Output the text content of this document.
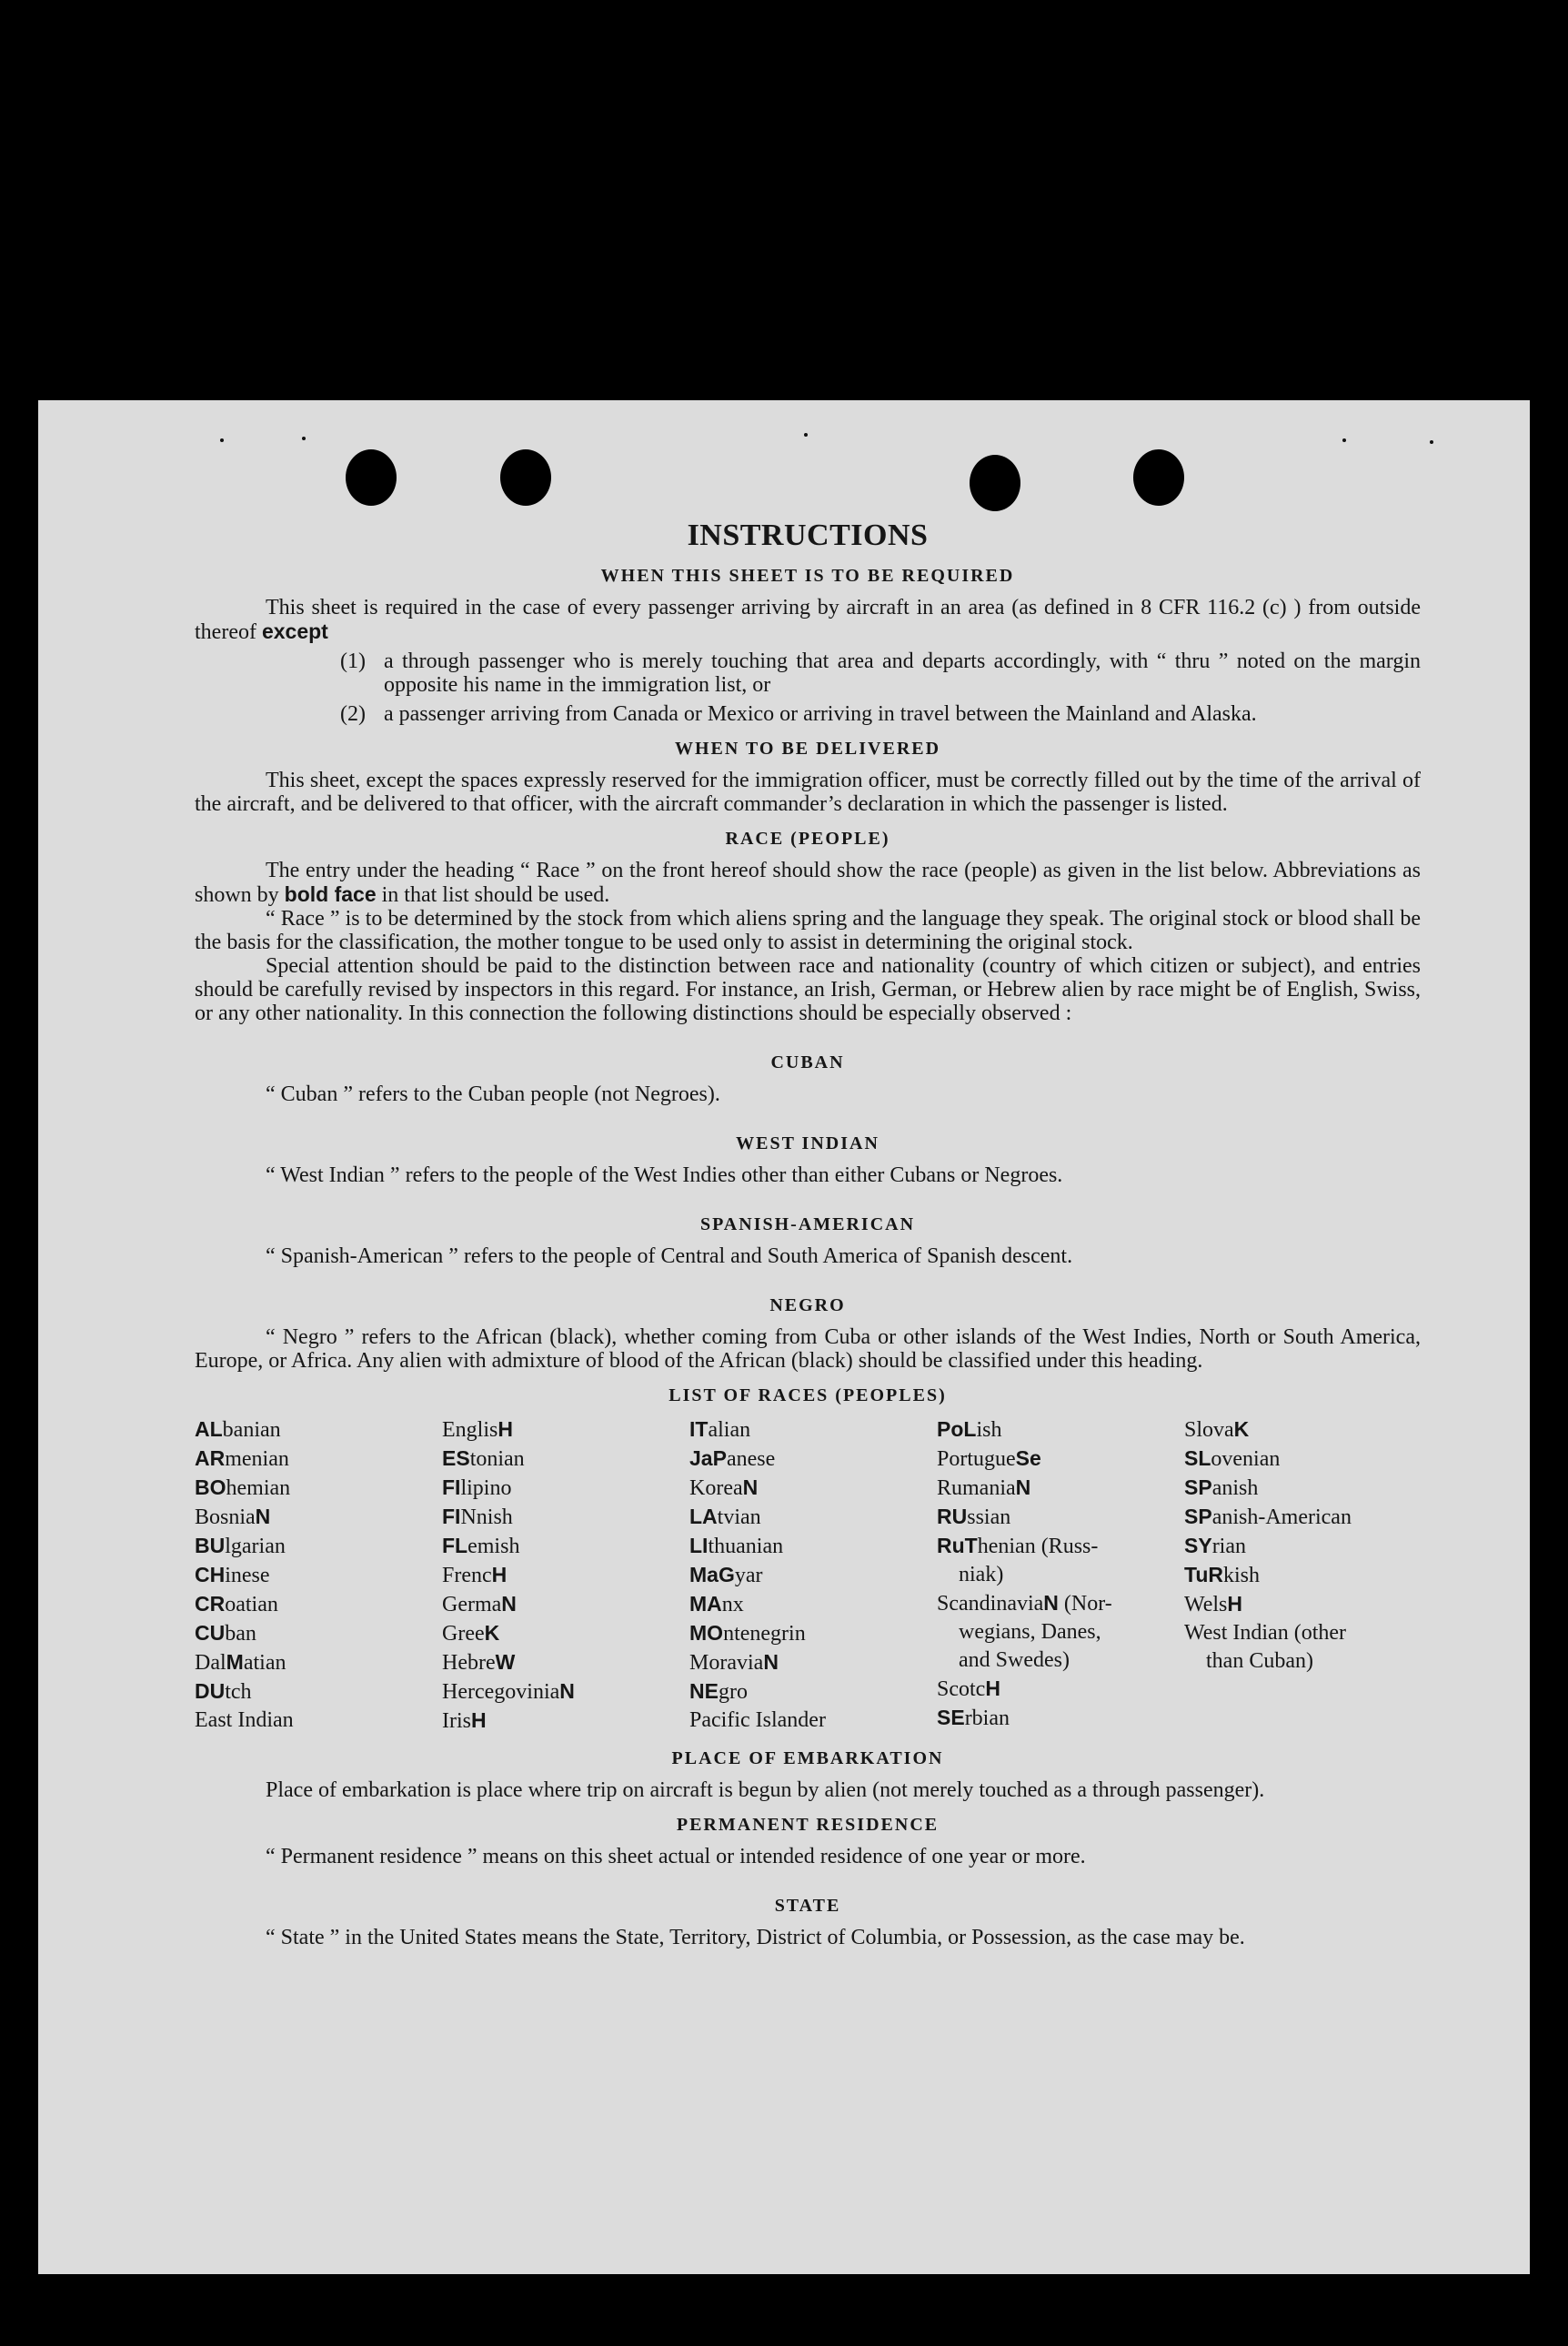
INSTRUCTIONS
WHEN THIS SHEET IS TO BE REQUIRED

This sheet is required in the case of every passenger arriving by aircraft in an area (as defined in 8 CFR 116.2 (c) ) from outside thereof except

(1) a through passenger who is merely touching that area and departs accordingly, with “ thru ” noted on the margin opposite his name in the immigration list, or
(2) a passenger arriving from Canada or Mexico or arriving in travel between the Mainland and Alaska.
WHEN TO BE DELIVERED

This sheet, except the spaces expressly reserved for the immigration officer, must be correctly filled out by the time of the arrival of the aircraft, and be delivered to that officer, with the aircraft commander’s declaration in which the passenger is listed.

RACE (PEOPLE)

The entry under the heading “ Race ” on the front hereof should show the race (people) as given in the list below. Abbreviations as shown by bold face in that list should be used.

“ Race ” is to be determined by the stock from which aliens spring and the language they speak. The original stock or blood shall be the basis for the classification, the mother tongue to be used only to assist in determining the original stock.

Special attention should be paid to the distinction between race and nationality (country of which citizen or subject), and entries should be carefully revised by inspectors in this regard. For instance, an Irish, German, or Hebrew alien by race might be of English, Swiss, or any other nationality. In this connection the following distinctions should be especially observed :

CUBAN

“ Cuban ” refers to the Cuban people (not Negroes).

WEST INDIAN

“ West Indian ” refers to the people of the West Indies other than either Cubans or Negroes.

SPANISH-AMERICAN

“ Spanish-American ” refers to the people of Central and South America of Spanish descent.

NEGRO

“ Negro ” refers to the African (black), whether coming from Cuba or other islands of the West Indies, North or South America, Europe, or Africa. Any alien with admixture of blood of the African (black) should be classified under this heading.

LIST OF RACES (PEOPLES)
ALbanian
ARmenian
BOhemian
BosniaN
BUlgarian
CHinese
CRoatian
CUban
DalMatian
DUtch
East Indian
EnglisH
EStonian
FIlipino
FINnish
FLemish
FrencH
GermaN
GreeK
HebreW
HercegoviniaN
IrisH
ITalian
JaPanese
KoreaN
LAtvian
LIthuanian
MaGyar
MAnx
MOntenegrin
MoraviaN
NEgro
Pacific Islander
PoLish
PortugueSe
RumaniaN
RUssian
RuThenian (Russ-
niak)
ScandinaviaN (Nor-
wegians, Danes,
and Swedes)
ScotcH
SErbian
SlovaK
SLovenian
SPanish
SPanish-American
SYrian
TuRkish
WelsH
West Indian (other
than Cuban)
PLACE OF EMBARKATION

Place of embarkation is place where trip on aircraft is begun by alien (not merely touched as a through passenger).

PERMANENT RESIDENCE

“ Permanent residence ” means on this sheet actual or intended residence of one year or more.

STATE

“ State ” in the United States means the State, Territory, District of Columbia, or Possession, as the case may be.
